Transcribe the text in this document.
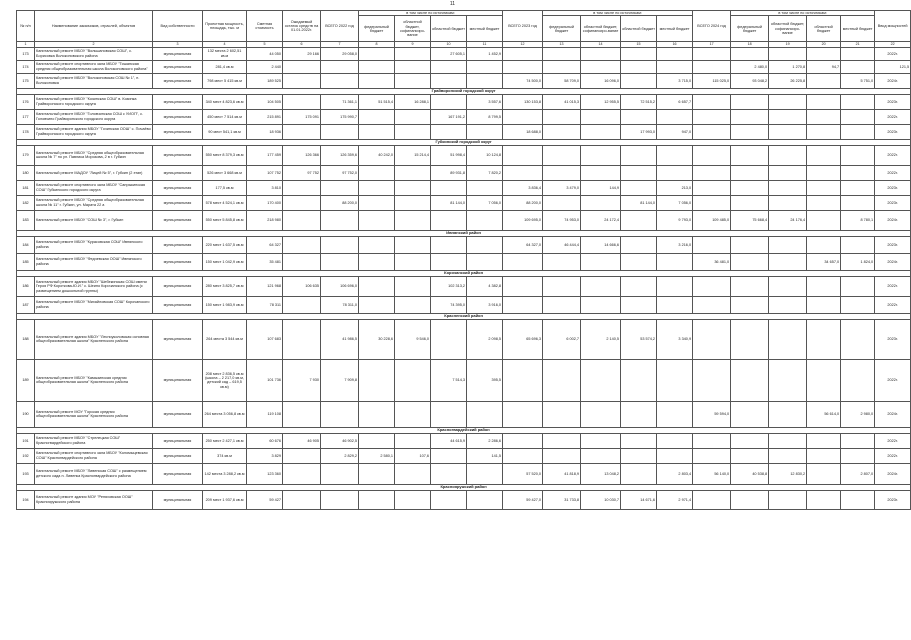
11
№ п/п	Наименование заказчиков, отраслей, объектов	Вид собственности	Проектная мощность, площадь, тыс. м	Сметная стоимость	Ожидаемый остаток средств на 01.01.2022г.	ВСЕГО 2022 год	в том числе по источникам:				ВСЕГО 2023 год	в том числе по источникам:				ВСЕГО 2024 год	в том числе по источникам:				Ввод мощностей	
							федеральный бюджет	областной бюджет, софинансиро-вание	областной бюджет	местный бюджет		федеральный бюджет	областной бюджет, софинансиро-вание	областной бюджет	местный бюджет		федеральный бюджет	областной бюджет, софинансиро-вание	областной бюджет	местный бюджет		
1	2	3	4	5	6	7	8	9	10	11	12	13	14	15	16	17	18	19	20	21	22	
173	Капитальный ремонт МБОУ "Вольшановская СОШ", с. Борисовка Волоконовского района	муниципальная	132 места 2 602,51 кв.м	44 050	29 166	29 058,0			27 605,1	1 452,9											2022г.	
174	Капитальный ремонт спортивного зала МБОУ "Тишанская средняя общеобразовательная школа Волоконовского района"	муниципальная	281,4 кв.м	2 440													2 480,0	1 270,8	94,7		121,5	
175	Капитальный ремонт МБОУ "Волоконовская СОШ № 1", п. Волоконовка	муниципальная	798 мест 5 415 кв.м	189 525							74 500,0	58 709,0	16 096,0		3 715,0	115 025,0	93 048,2	26 225,8		5 751,0	2024г.	
Грайворонский городской округ																						
176	Капитальный ремонт МБОУ "Козинская СОШ" в. Козинка Грайворонского городского округа	муниципальная	340 мест 4 823,6 кв.м	104 505		71 361,1	51 515,4	16 288,1		3 557,6	130 153,8	41 015,3	12 955,5	72 515,2	6 657,7						2023г.	
177	Капитальный ремонт МБОУ "Головчинская СОШ с УИОП", с. Головчино Грайворонского городского округа	муниципальная	450 мест 7 514 кв.м	215 891	175 091	175 990,7			167 191,2	8 799,5											2022г.	
178	Капитальный ремонт здания МБОУ "Гочинская ООШ" с. Почаёво Грайворонского городского округа	муниципальная	90 мест 541,1 кв.м	18 936							18 688,0			17 993,0	947,0						2023г.	
Губкинский городской округ																						
179	Капитальный ремонт МБОУ "Средняя общеобразовательная школа № 7" по ул. Павлика Морозова, 2 в г. Губкин	муниципальная	550 мест 8 379,3 кв.м	177 459	126 366	126 359,6	40 242,0	15 214,4	51 998,4	10 124,8											2022г.	
180	Капитальный ремонт МАДОУ "Лицей № 5", г. Губкин (2 этап)	муниципальная	526 мест 3 668 кв.м	107 752	97 752	97 752,0			89 931,8	7 820,2											2022г.	
181	Капитальный ремонт спортивного зала МБОУ "Сапрыкинская СОШ" Губкинского городского округа	муниципальная	177,5 кв.м	3 810							3 836,4	3 479,0	144,9		213,0						2023г.	
182	Капитальный ремонт МБОУ "Средняя общеобразовательная школа № 11" г. Губкин, ул. Марата 22 а	муниципальная	578 мест 4 524,1 кв.м	170 400		88 200,0			81 144,0	7 056,0	88 200,0			81 144,0	7 056,0						2023г.	
183	Капитальный ремонт МБОУ "СОШ № 3", г. Губкин	муниципальная	550 мест 5 845,8 кв.м	218 980							109 695,0	74 953,0	24 172,4		9 793,0	109 485,0	75 668,4	24 176,4		8 780,1	2024г.	
Ивнянский район																						
184	Капитальный ремонт МБОУ "Курасовская СОШ" Ивнянского района	муниципальная	220 мест 1 637,5 кв.м	64 327							64 327,0	46 444,4	14 666,6		3 216,0						2023г.	
185	Капитальный ремонт МБОУ "Федчевская ООШ" Ивнянского района	муниципальная	150 мест 1 042,9 кв.м	35 481												36 481,0			34 657,0	1 824,0	2024г.	
Корочанский район																						
186	Капитальный ремонт здания МБОУ "Шебекинская СОШ имени Героя РФ Короткова-Ю.И." с. Шеино Корочанского района (с размещением дошкольной группы)	муниципальная	280 мест 3 825,7 кв.м	121 968	106 635	106 696,0			102 313,2	4 382,8											2022г.	
187	Капитальный ремонт МБОУ "Михайловская СОШ" Корочанского района	муниципальная	150 мест 1 983,9 кв.м	78 311		78 311,0			74 395,0	3 916,0											2022г.	
Красненский район																						
188	Капитальный ремонт здания МБОУ "Лесноуколовская основная общеобразовательная школа" Красненского района	муниципальная	264 места 3 544 кв.м	107 683		41 986,5	30 228,6	9 546,0		2 098,5	65 696,3	6 002,7	2 140,5	53 574,2	3 340,9						2023г.	
189	Капитальный ремонт МБОУ "Камызинская средняя общеобразовательная школа" Красненского района	муниципальная	208 мест 2 836,5 кв.м (школа – 2 217,0 кв.м, детский сад – 619,5 кв.м)	101 736	7 930	7 909,8			7 514,3	395,5											2022г.	
190	Капитальный ремонт МОУ "Горская средняя общеобразовательная школа" Красненского района	муниципальная	264 места 3 056,8 кв.м	119 108												59 594,0			56 614,0	2 980,0	2024г.	
Красногвардейский район																						
191	Капитальный ремонт МБОУ "Стрелецкая СОШ" Красногвардейского района	муниципальная	250 мест 2 427,1 кв.м	60 676	46 905	46 902,5			44 615,9	2 286,6											2022г.	
192	Капитальный ремонт спортивного зала МБОУ "Коломыцевская СОШ" Красногвардейского района	муниципальная	374 кв.м	3 829		2 829,2	2 580,1	107,6		141,5											2022г.	
193	Капитальный ремонт МБОУ "Ливенская СОШ" с размещением детского сада п. Ливенка Красногвардейского района	муниципальная	142 места 3 288,2 кв.м	123 360							57 520,0	41 818,9	13 048,2		2 803,4	56 140,0	40 538,8	12 830,2		2 807,0	2024г.	
Краснояружский район																						
194	Капитальный ремонт здания МОУ "Репяховская ООШ" Краснояружского района	муниципальная	209 мест 1 937,6 кв.м	59 427							59 427,0	31 733,8	10 030,7	14 671,6	2 971,4						2023г.	
